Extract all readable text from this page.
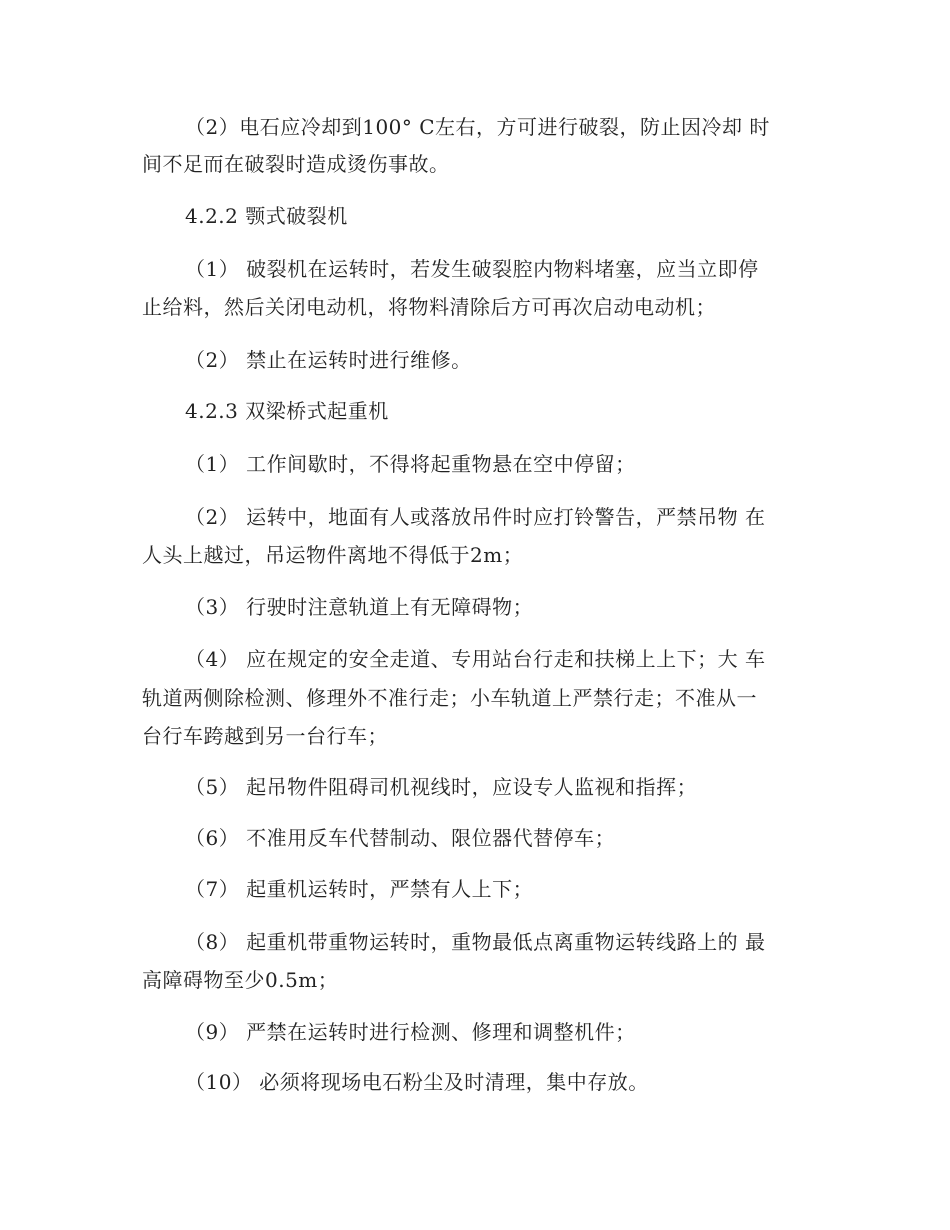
（2）电石应冷却到100° C左右，方可进行破裂，防止因冷却 时
间不足而在破裂时造成烫伤事故。
4.2.2 颚式破裂机
（1） 破裂机在运转时，若发生破裂腔内物料堵塞，应当立即停
止给料，然后关闭电动机，将物料清除后方可再次启动电动机；
（2） 禁止在运转时进行维修。
4.2.3 双梁桥式起重机
（1） 工作间歇时，不得将起重物悬在空中停留；
（2） 运转中，地面有人或落放吊件时应打铃警告，严禁吊物 在
人头上越过，吊运物件离地不得低于2m；
（3） 行驶时注意轨道上有无障碍物；
（4） 应在规定的安全走道、专用站台行走和扶梯上上下；大 车
轨道两侧除检测、修理外不准行走；小车轨道上严禁行走；不准从一
台行车跨越到另一台行车；
（5） 起吊物件阻碍司机视线时，应设专人监视和指挥；
（6） 不准用反车代替制动、限位器代替停车；
（7） 起重机运转时，严禁有人上下；
（8） 起重机带重物运转时，重物最低点离重物运转线路上的 最
高障碍物至少0.5m；
（9） 严禁在运转时进行检测、修理和调整机件；
（10） 必须将现场电石粉尘及时清理，集中存放。
